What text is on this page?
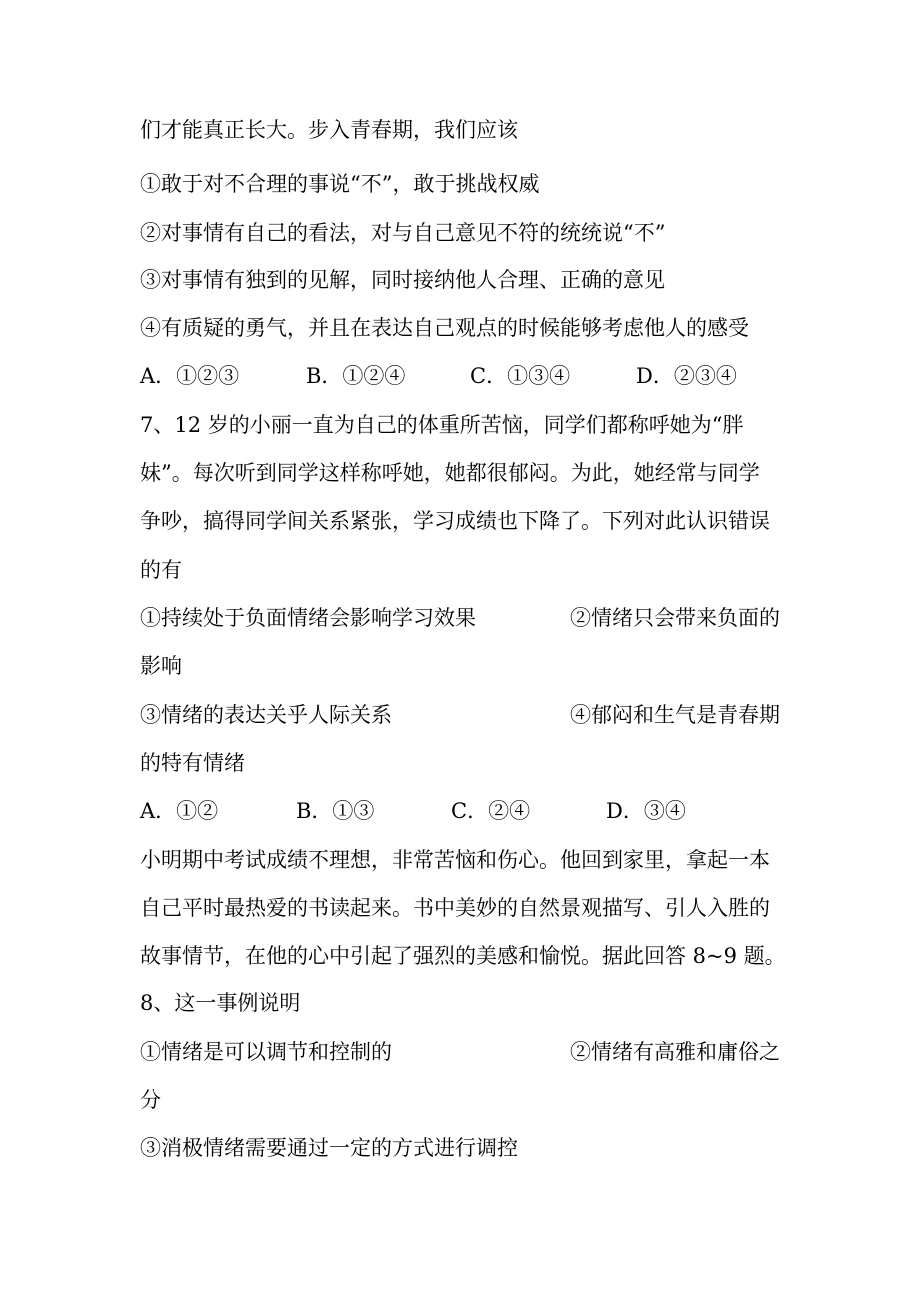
们才能真正长大。步入青春期，我们应该
①敢于对不合理的事说“不”，敢于挑战权威
②对事情有自己的看法，对与自己意见不符的统统说“不”
③对事情有独到的见解，同时接纳他人合理、正确的意见
④有质疑的勇气，并且在表达自己观点的时候能够考虑他人的感受
A．①②③	B．①②④	C．①③④	D．②③④
7、12 岁的小丽一直为自己的体重所苦恼，同学们都称呼她为“胖
妹”。每次听到同学这样称呼她，她都很郁闷。为此，她经常与同学
争吵，搞得同学间关系紧张，学习成绩也下降了。下列对此认识错误
的有
①持续处于负面情绪会影响学习效果	②情绪只会带来负面的
影响
③情绪的表达关乎人际关系	④郁闷和生气是青春期
的特有情绪
A．①②	B．①③	C．②④	D．③④
小明期中考试成绩不理想，非常苦恼和伤心。他回到家里，拿起一本
自己平时最热爱的书读起来。书中美妙的自然景观描写、引人入胜的
故事情节，在他的心中引起了强烈的美感和愉悦。据此回答 8~9 题。
8、这一事例说明
①情绪是可以调节和控制的	②情绪有高雅和庸俗之
分
③消极情绪需要通过一定的方式进行调控
